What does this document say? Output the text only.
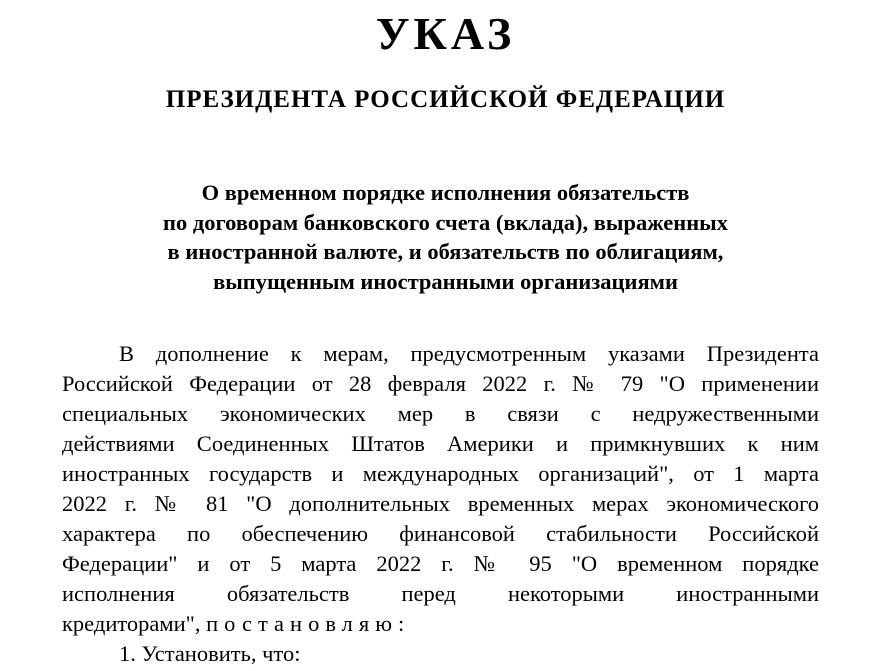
УКАЗ
ПРЕЗИДЕНТА РОССИЙСКОЙ ФЕДЕРАЦИИ
О временном порядке исполнения обязательств
по договорам банковского счета (вклада), выраженных
в иностранной валюте, и обязательств по облигациям,
выпущенным иностранными организациями
В дополнение к мерам, предусмотренным указами Президента
Российской Федерации от 28 февраля 2022 г. № 79 "О применении
специальных экономических мер в связи с недружественными
действиями Соединенных Штатов Америки и примкнувших к ним
иностранных государств и международных организаций", от 1 марта
2022 г. № 81 "О дополнительных временных мерах экономического
характера по обеспечению финансовой стабильности Российской
Федерации" и от 5 марта 2022 г. № 95 "О временном порядке
исполнения обязательств перед некоторыми иностранными
кредиторами", постановляю:
1. Установить, что:
